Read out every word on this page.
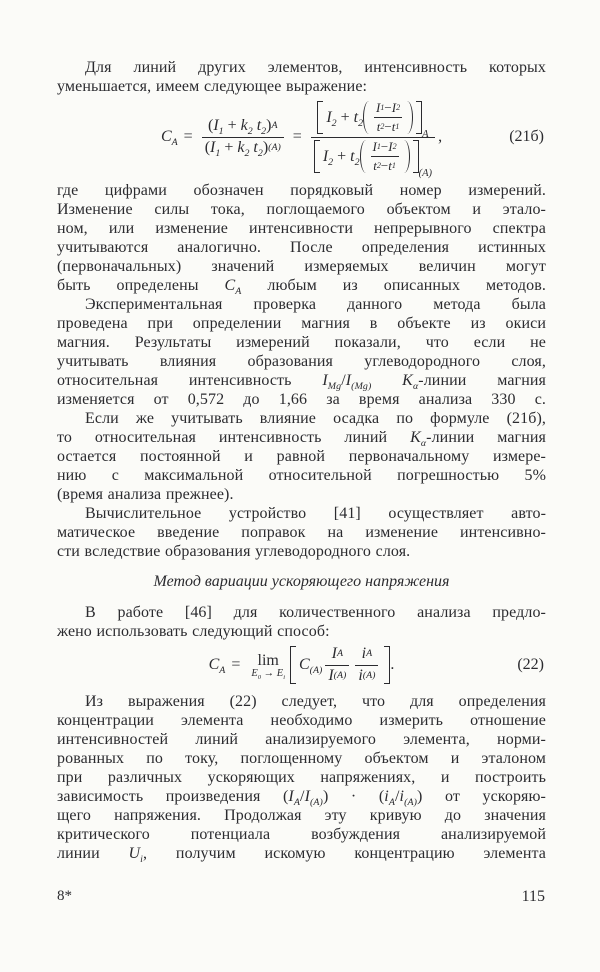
Для линий других элементов, интенсивность которых
уменьшается, имеем следующее выражение:
$C_A = \frac{(I_1 + k_2 t_2) A}{(I_1 + k_2 t_2) (A)}$ =
$I_2 + t_2 \frac{I 1 - I 2}{t 2 - t 1}$ A
$I_2 + t_2 \frac{I 1 - I 2}{t 2 - t 1} (A)$
,	(21б)
где цифрами обозначен порядковый номер измерений.
Изменение силы тока, поглощаемого объектом и этало-
ном, или изменение интенсивности непрерывного спектра
учитываются аналогично. После определения истинных
(первоначальных) значений измеряемых величин могут
быть определены $C_A$ любым из описанных методов.
Экспериментальная проверка данного метода была
проведена при определении магния в объекте из окиси
магния. Результаты измерений показали, что если не
учитывать влияния образования углеводородного слоя,
относительная интенсивность $I_{Mg}/I_{(Mg)}$ $K_\alpha$-линии магния
изменяется от 0,572 до 1,66 за время анализа 330 с.
Если же учитывать влияние осадка по формуле (21б),
то относительная интенсивность линий $K_\alpha$-линии магния
остается постоянной и равной первоначальному измере-
нию с максимальной относительной погрешностью 5%
(время анализа прежнее).
Вычислительное устройство [41] осуществляет авто-
матическое введение поправок на изменение интенсивно-
сти вследствие образования углеводородного слоя.
Метод вариации ускоряющего напряжения
В работе [46] для количественного анализа предло-
жено использовать следующий способ:
$C_A = \lim$
$E_0 \to E_i$
$C_{(A)} \frac{\text{I A}}{I (A)} \frac{\text{i A}}{i (A)}$ .	(22)
Из выражения (22) следует, что для определения
концентрации элемента необходимо измерить отношение
интенсивностей линий анализируемого элемента, норми-
рованных по току, поглощенному объектом и эталоном
при различных ускоряющих напряжениях, и построить
зависимость произведения $(I_A/I_{(A)}) \cdot (i_A/i_{(A)})$ от ускоряю-
щего напряжения. Продолжая эту кривую до значения
критического потенциала возбуждения анализируемой
линии $U_i$, получим искомую концентрацию элемента
8*	115
